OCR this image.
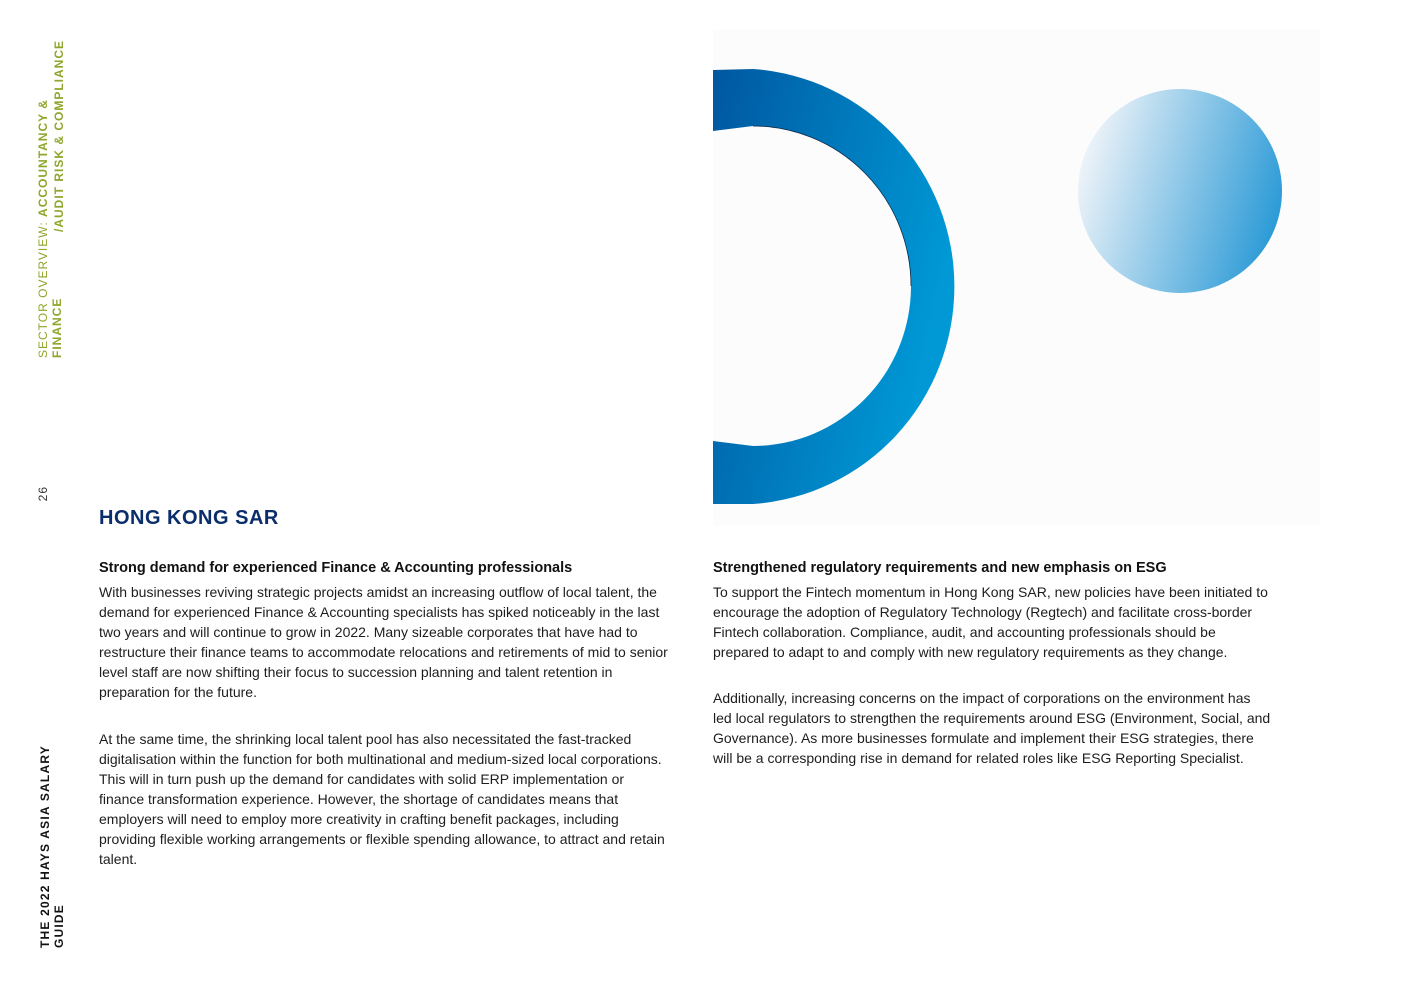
SECTOR OVERVIEW: ACCOUNTANCY & FINANCE
/AUDIT RISK & COMPLIANCE
26
THE 2022 HAYS ASIA SALARY GUIDE
HONG KONG SAR

Strong demand for experienced Finance & Accounting professionals

With businesses reviving strategic projects amidst an increasing outflow of local talent, the demand for experienced Finance & Accounting specialists has spiked noticeably in the last two years and will continue to grow in 2022. Many sizeable corporates that have had to restructure their finance teams to accommodate relocations and retirements of mid to senior level staff are now shifting their focus to succession planning and talent retention in preparation for the future.

At the same time, the shrinking local talent pool has also necessitated the fast-tracked digitalisation within the function for both multinational and medium-sized local corporations. This will in turn push up the demand for candidates with solid ERP implementation or finance transformation experience. However, the shortage of candidates means that employers will need to employ more creativity in crafting benefit packages, including providing flexible working arrangements or flexible spending allowance, to attract and retain talent.

Strengthened regulatory requirements and new emphasis on ESG

To support the Fintech momentum in Hong Kong SAR, new policies have been initiated to encourage the adoption of Regulatory Technology (Regtech) and facilitate cross-border Fintech collaboration. Compliance, audit, and accounting professionals should be prepared to adapt to and comply with new regulatory requirements as they change.

Additionally, increasing concerns on the impact of corporations on the environment has led local regulators to strengthen the requirements around ESG (Environment, Social, and Governance). As more businesses formulate and implement their ESG strategies, there will be a corresponding rise in demand for related roles like ESG Reporting Specialist.
